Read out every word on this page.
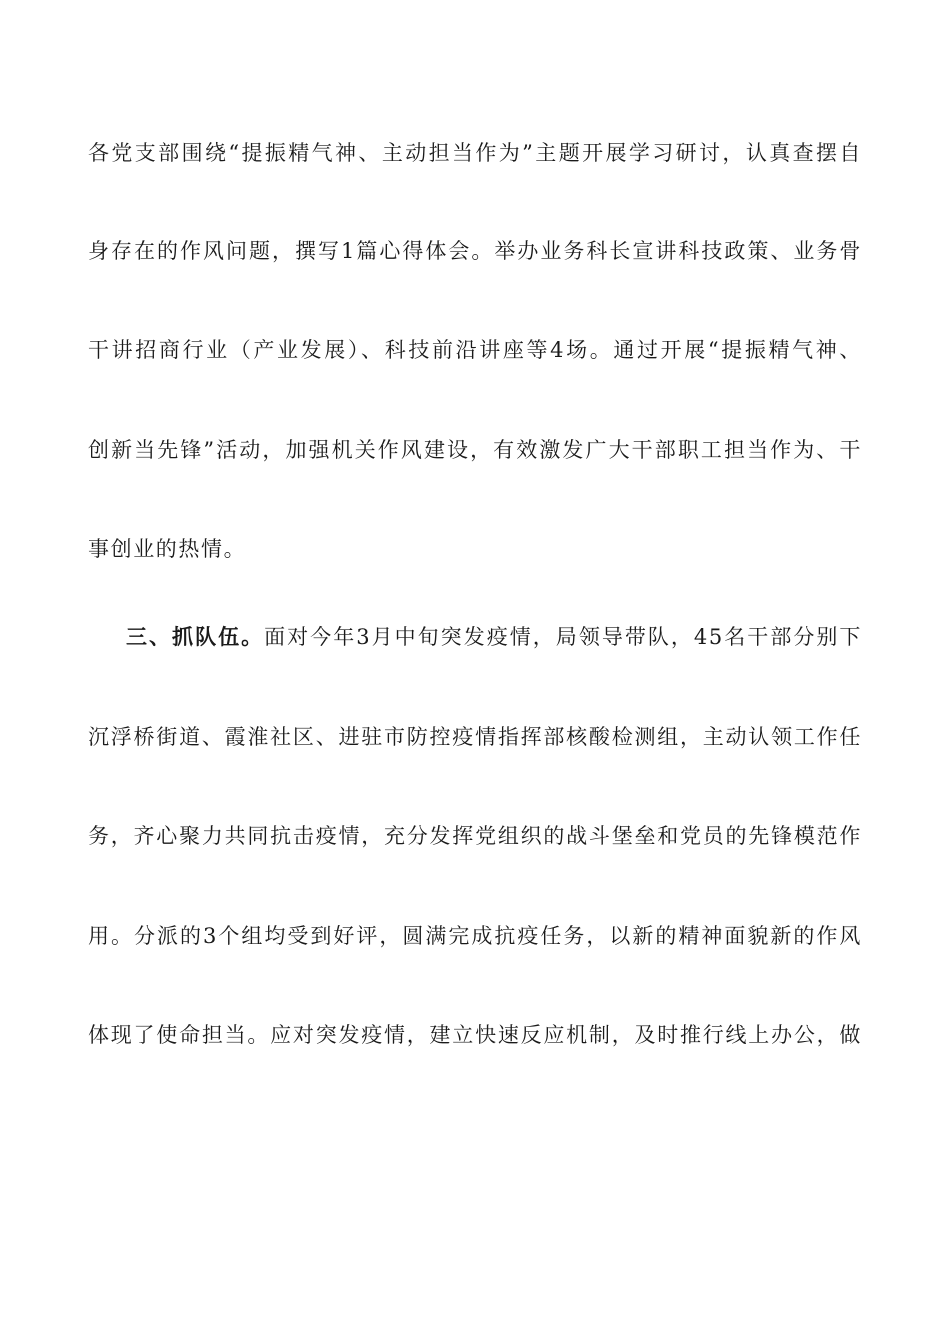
各党支部围绕“提振精气神、主动担当作为”主题开展学习研讨，认真查摆自
身存在的作风问题，撰写1篇心得体会。举办业务科长宣讲科技政策、业务骨
干讲招商行业（产业发展）、科技前沿讲座等4场。通过开展“提振精气神、
创新当先锋”活动，加强机关作风建设，有效激发广大干部职工担当作为、干
事创业的热情。
三、抓队伍。面对今年3月中旬突发疫情，局领导带队，45名干部分别下
沉浮桥街道、霞淮社区、进驻市防控疫情指挥部核酸检测组，主动认领工作任
务，齐心聚力共同抗击疫情，充分发挥党组织的战斗堡垒和党员的先锋模范作
用。分派的3个组均受到好评，圆满完成抗疫任务，以新的精神面貌新的作风
体现了使命担当。应对突发疫情，建立快速反应机制，及时推行线上办公，做
